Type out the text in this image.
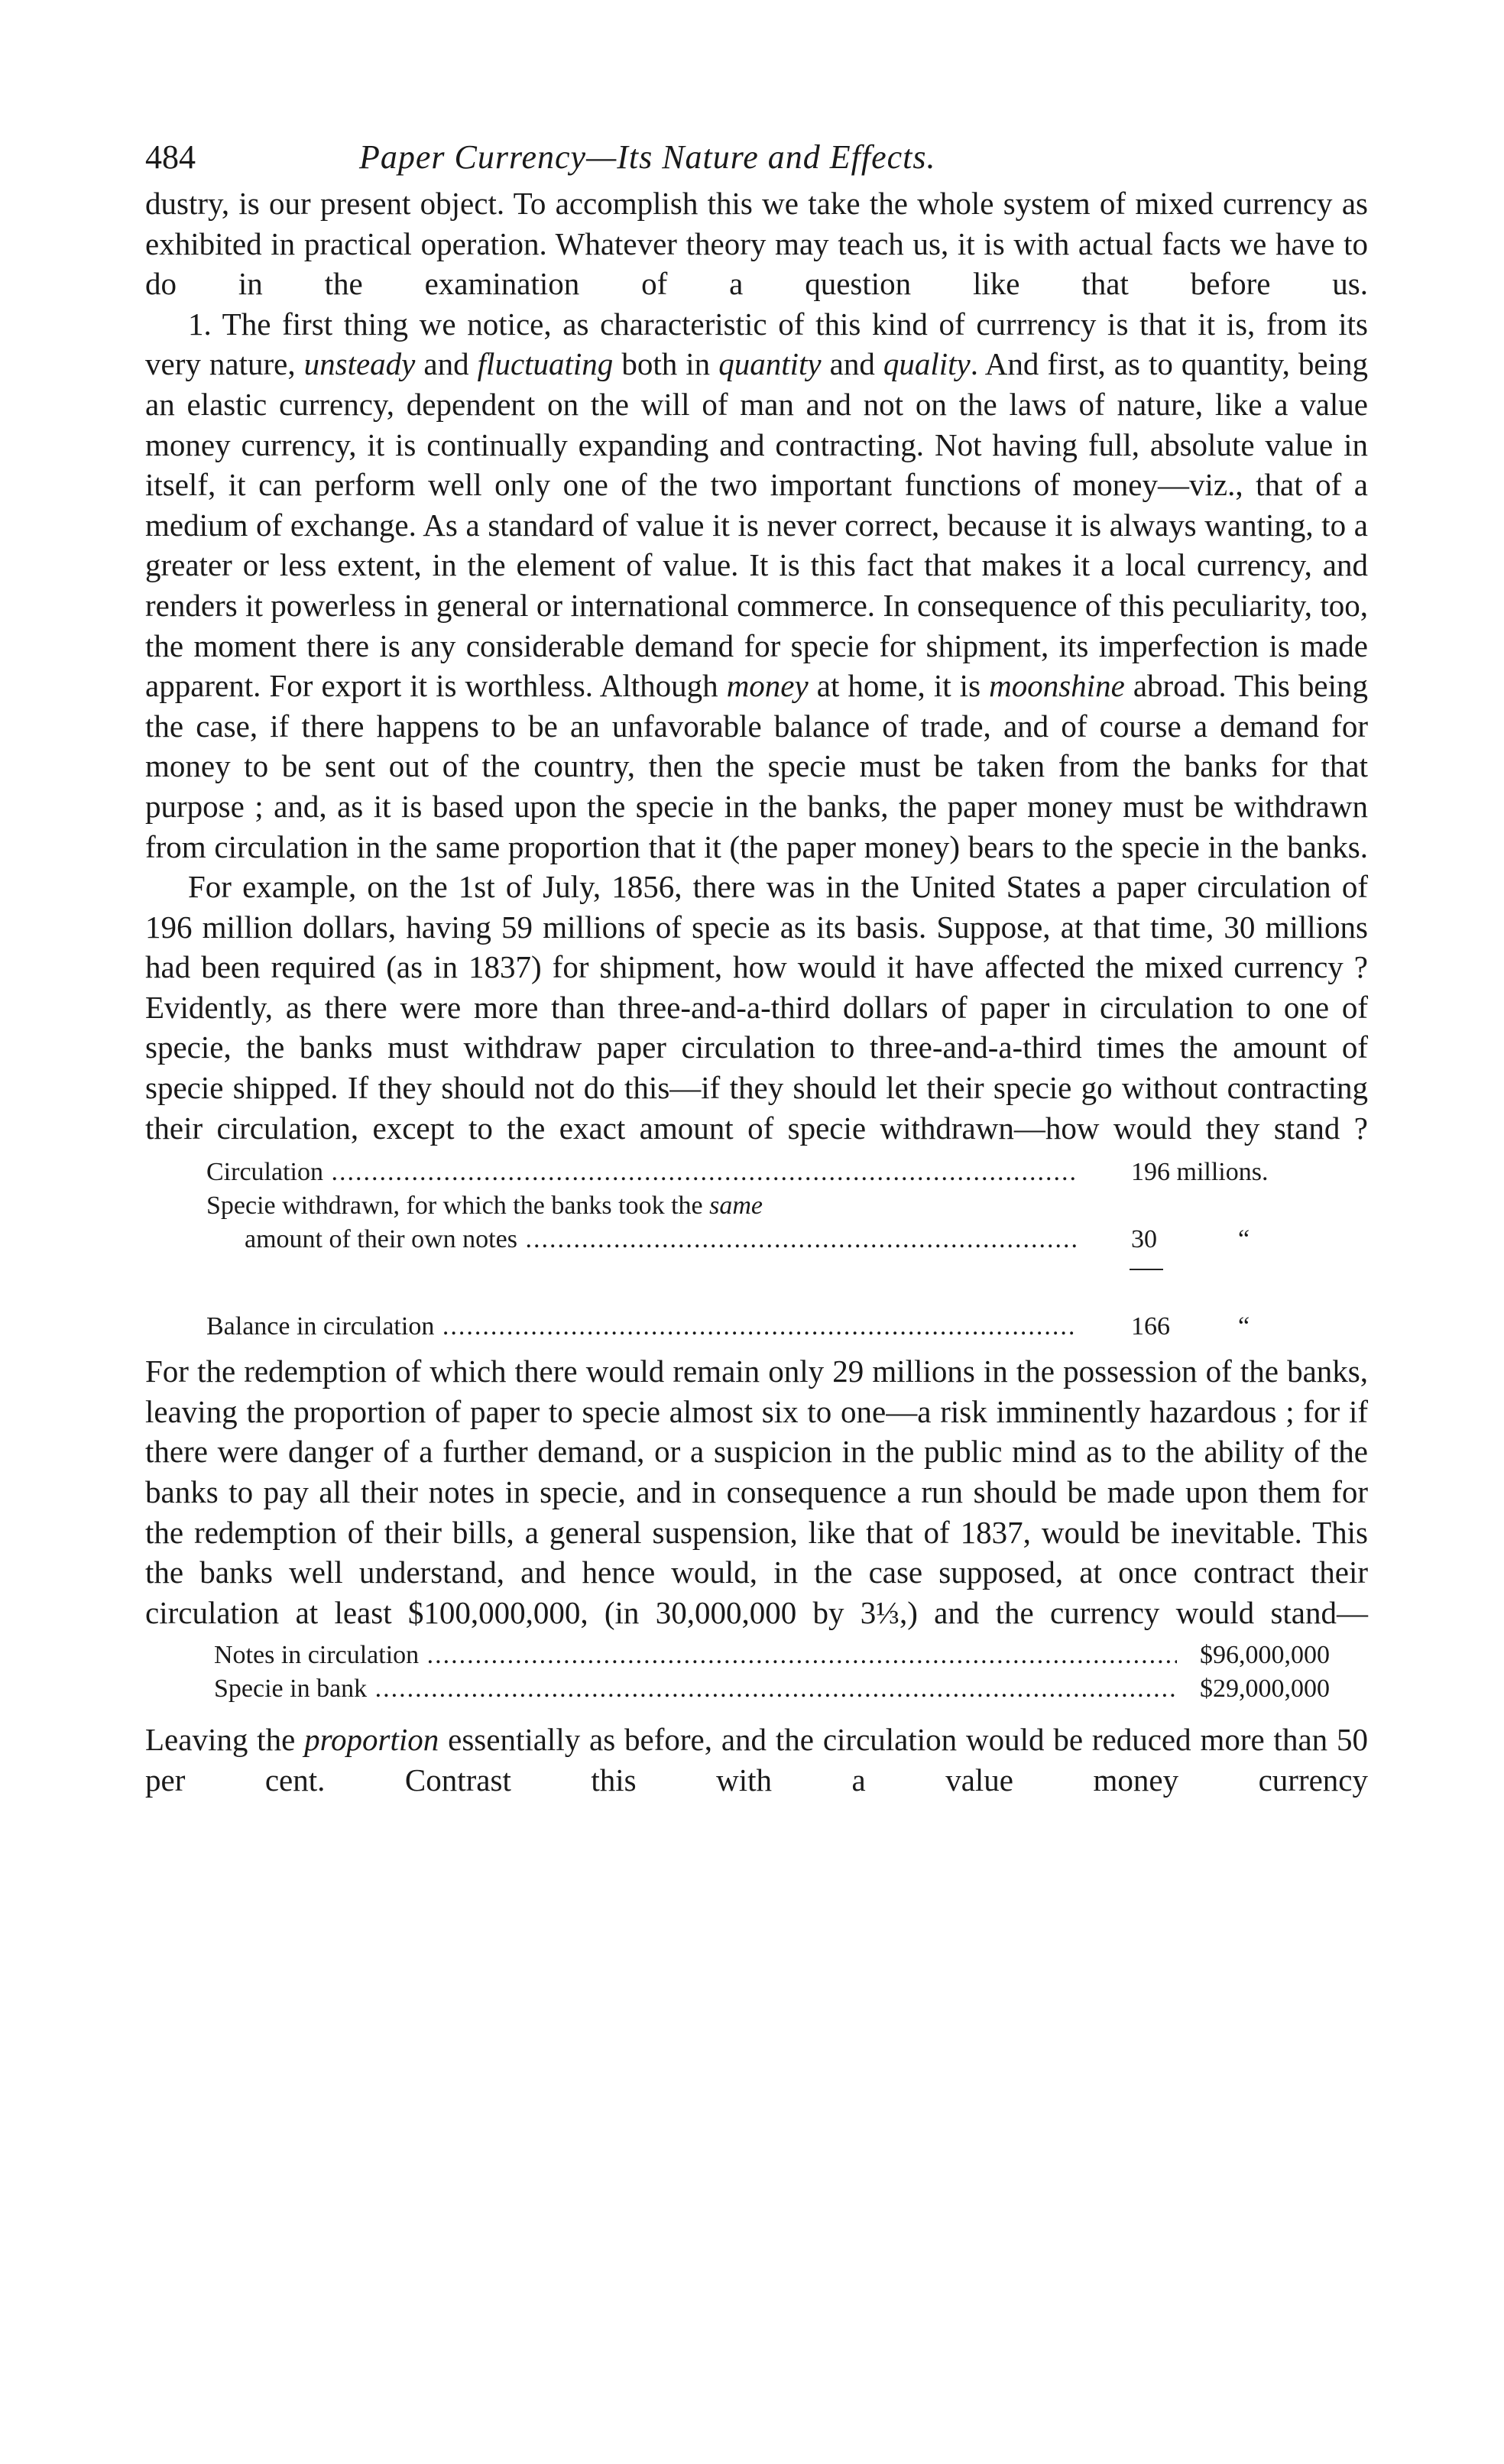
484	Paper Currency—Its Nature and Effects.

dustry, is our present object. To accomplish this we take the whole system of mixed currency as exhibited in practical operation. Whatever theory may teach us, it is with actual facts we have to do in the examination of a question like that before us.

1. The first thing we notice, as characteristic of this kind of currrency is that it is, from its very nature, unsteady and fluctuating both in quantity and quality. And first, as to quantity, being an elastic currency, dependent on the will of man and not on the laws of nature, like a value money currency, it is continually expanding and contracting. Not having full, absolute value in itself, it can perform well only one of the two important functions of money—viz., that of a medium of exchange. As a standard of value it is never correct, because it is always wanting, to a greater or less extent, in the element of value. It is this fact that makes it a local currency, and renders it powerless in general or international commerce. In consequence of this peculiarity, too, the moment there is any considerable demand for specie for shipment, its imperfection is made apparent. For export it is worthless. Although money at home, it is moonshine abroad. This being the case, if there happens to be an unfavorable balance of trade, and of course a demand for money to be sent out of the country, then the specie must be taken from the banks for that purpose ; and, as it is based upon the specie in the banks, the paper money must be withdrawn from circulation in the same proportion that it (the paper money) bears to the specie in the banks.

For example, on the 1st of July, 1856, there was in the United States a paper circulation of 196 million dollars, having 59 millions of specie as its basis. Suppose, at that time, 30 millions had been required (as in 1837) for shipment, how would it have affected the mixed currency ? Evidently, as there were more than three-and-a-third dollars of paper in circulation to one of specie, the banks must withdraw paper circulation to three-and-a-third times the amount of specie shipped. If they should not do this—if they should let their specie go without contracting their circulation, except to the exact amount of specie withdrawn—how would they stand ?

Circulation .....	196 millions.
Specie withdrawn, for which the banks took the same
amount of their own notes .....	30	“
Balance in circulation .....	166	“

For the redemption of which there would remain only 29 millions in the possession of the banks, leaving the proportion of paper to specie almost six to one—a risk imminently hazardous ; for if there were danger of a further demand, or a suspicion in the public mind as to the ability of the banks to pay all their notes in specie, and in consequence a run should be made upon them for the redemption of their bills, a general suspension, like that of 1837, would be inevitable. This the banks well understand, and hence would, in the case supposed, at once contract their circulation at least $100,000,000, (in 30,000,000 by 3⅓,) and the currency would stand—

Notes in circulation .....	$96,000,000
Specie in bank .....	$29,000,000

Leaving the proportion essentially as before, and the circulation would be reduced more than 50 per cent. Contrast this with a value money currency
